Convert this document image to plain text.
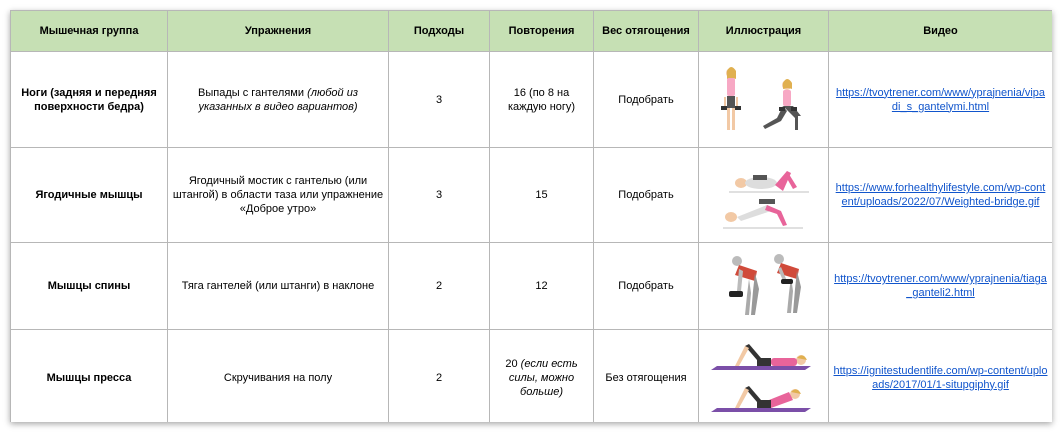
Мышечная группа	Упражнения	Подходы	Повторения	Вес отягощения	Иллюстрация	Видео
Ноги (задняя и передняя поверхности бедра)	Выпады с гантелями (любой из указанных в видео вариантов)	3	16 (по 8 на каждую ногу)	Подобрать		https://tvoytrener.com/www/yprajnenia/vipadi_s_gantelymi.html
Ягодичные мышцы	Ягодичный мостик с гантелью (или штангой) в области таза или упражнение «Доброе утро»	3	15	Подобрать		https://www.forhealthylifestyle.com/wp-content/uploads/2022/07/Weighted-bridge.gif
Мышцы спины	Тяга гантелей (или штанги) в наклоне	2	12	Подобрать		https://tvoytrener.com/www/yprajnenia/tiaga_ganteli2.html
Мышцы пресса	Скручивания на полу	2	20 (если есть силы, можно больше)	Без отягощения		https://ignitestudentlife.com/wp-content/uploads/2017/01/1-situpgiphy.gif
